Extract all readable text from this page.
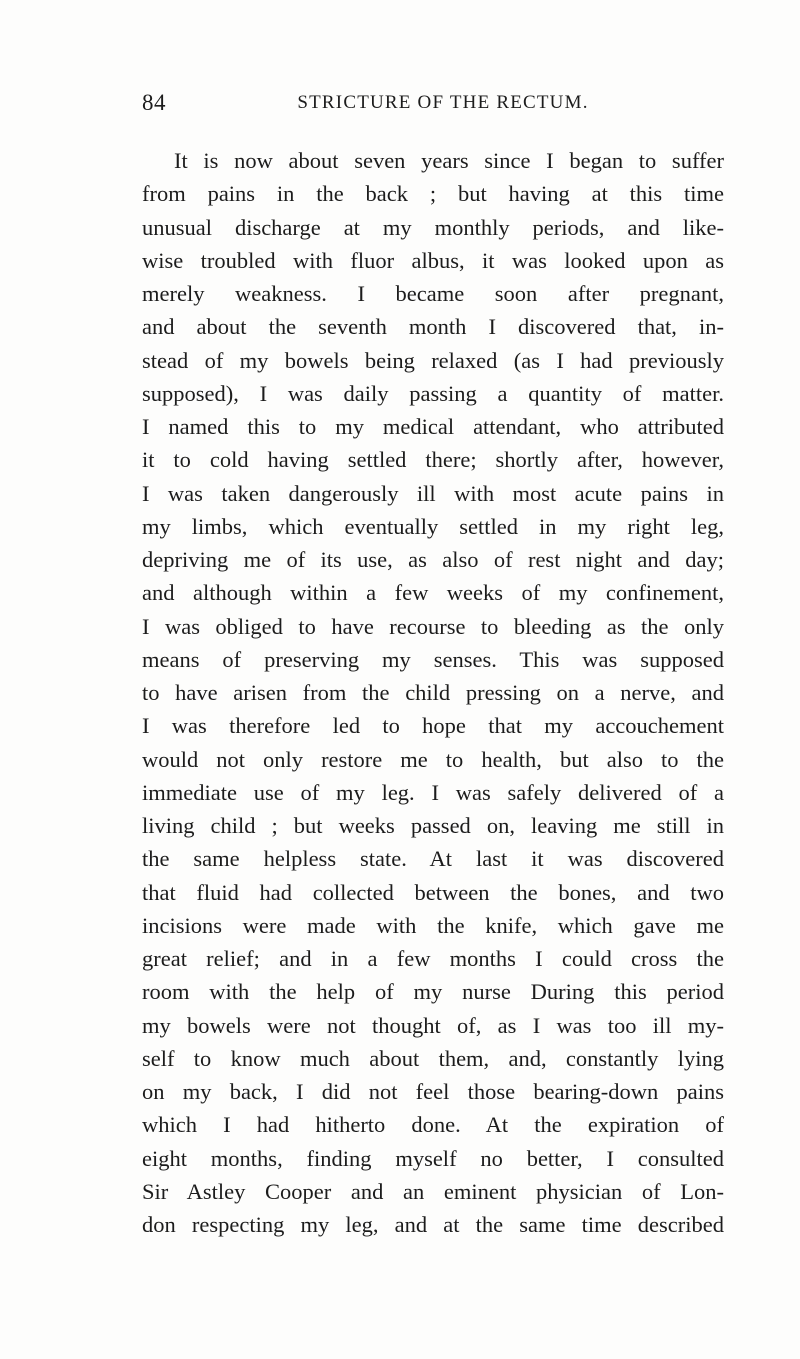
84	STRICTURE OF THE RECTUM.
It is now about seven years since I began to suffer
from pains in the back ; but having at this time
unusual discharge at my monthly periods, and like-
wise troubled with fluor albus, it was looked upon as
merely weakness. I became soon after pregnant,
and about the seventh month I discovered that, in-
stead of my bowels being relaxed (as I had previously
supposed), I was daily passing a quantity of matter.
I named this to my medical attendant, who attributed
it to cold having settled there; shortly after, however,
I was taken dangerously ill with most acute pains in
my limbs, which eventually settled in my right leg,
depriving me of its use, as also of rest night and day;
and although within a few weeks of my confinement,
I was obliged to have recourse to bleeding as the only
means of preserving my senses. This was supposed
to have arisen from the child pressing on a nerve, and
I was therefore led to hope that my accouchement
would not only restore me to health, but also to the
immediate use of my leg. I was safely delivered of a
living child ; but weeks passed on, leaving me still in
the same helpless state. At last it was discovered
that fluid had collected between the bones, and two
incisions were made with the knife, which gave me
great relief; and in a few months I could cross the
room with the help of my nurse During this period
my bowels were not thought of, as I was too ill my-
self to know much about them, and, constantly lying
on my back, I did not feel those bearing-down pains
which I had hitherto done. At the expiration of
eight months, finding myself no better, I consulted
Sir Astley Cooper and an eminent physician of Lon-
don respecting my leg, and at the same time described
